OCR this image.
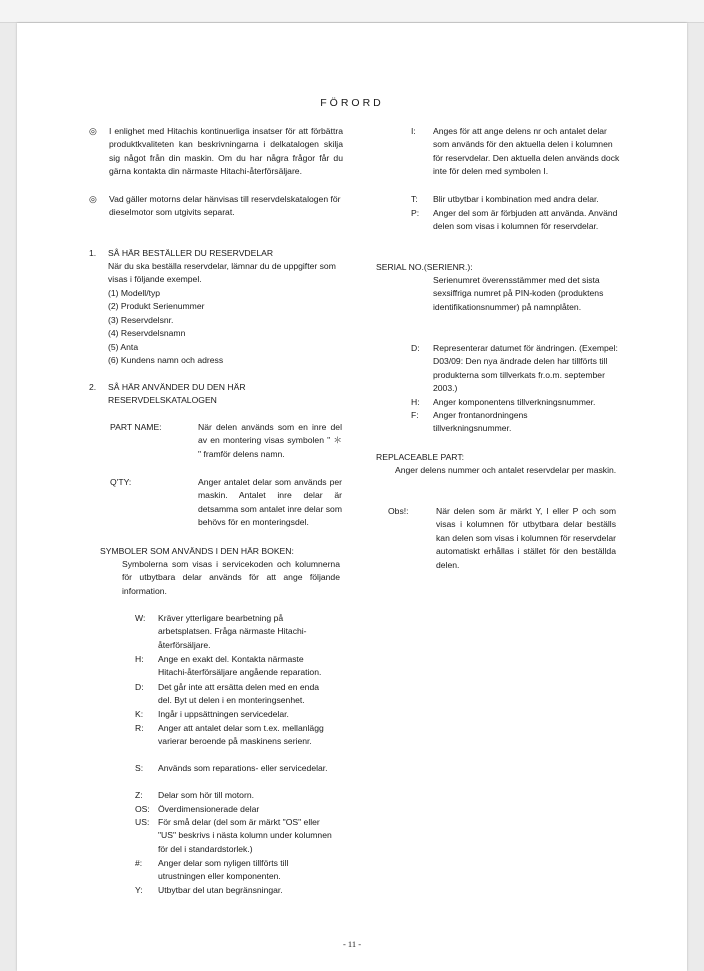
FÖRORD
◎ I enlighet med Hitachis kontinuerliga insatser för att förbättra produktkvaliteten kan beskrivningarna i delkatalogen skilja sig något från din maskin. Om du har några frågor får du gärna kontakta din närmaste Hitachi-återförsäljare.
◎ Vad gäller motorns delar hänvisas till reservdelskatalogen för dieselmotor som utgivits separat.
1. SÅ HÄR BESTÄLLER DU RESERVDELAR
När du ska beställa reservdelar, lämnar du de uppgifter som visas i följande exempel.
(1) Modell/typ
(2) Produkt Serienummer
(3) Reservdelsnr.
(4) Reservdelsnamn
(5) Anta
(6) Kundens namn och adress
2. SÅ HÄR ANVÄNDER DU DEN HÄR
RESERVDELSKATALOGEN
PART NAME:	När delen används som en inre del av en montering visas symbolen " ＊ " framför delens namn.
Q'TY:	Anger antalet delar som används per maskin. Antalet inre delar är detsamma som antalet inre delar som behövs för en monteringsdel.
SYMBOLER SOM ANVÄNDS I DEN HÄR BOKEN:
Symbolerna som visas i servicekoden och kolumnerna för utbytbara delar används för att ange följande information.
W: Kräver ytterligare bearbetning på arbetsplatsen. Fråga närmaste Hitachi-återförsäljare.
H: Ange en exakt del. Kontakta närmaste Hitachi-återförsäljare angående reparation.
D: Det går inte att ersätta delen med en enda del. Byt ut delen i en monteringsenhet.
K: Ingår i uppsättningen servicedelar.
R: Anger att antalet delar som t.ex. mellanlägg varierar beroende på maskinens serienr.
S: Används som reparations- eller servicedelar.
Z: Delar som hör till motorn.
OS: Överdimensionerade delar
US: För små delar (del som är märkt "OS" eller "US" beskrivs i nästa kolumn under kolumnen för del i standardstorlek.)
#: Anger delar som nyligen tillförts till utrustningen eller komponenten.
Y: Utbytbar del utan begränsningar.
I: Anges för att ange delens nr och antalet delar som används för den aktuella delen i kolumnen för reservdelar. Den aktuella delen används dock inte för delen med symbolen I.
T: Blir utbytbar i kombination med andra delar.
P: Anger del som är förbjuden att använda. Använd delen som visas i kolumnen för reservdelar.
SERIAL NO.(SERIENR.):
Serienumret överensstämmer med det sista sexsiffriga numret på PIN-koden (produktens identifikationsnummer) på namnplåten.
D: Representerar datumet för ändringen. (Exempel: D03/09: Den nya ändrade delen har tillförts till produkterna som tillverkats fr.o.m. september 2003.)
H: Anger komponentens tillverkningsnummer.
F: Anger frontanordningens tillverkningsnummer.
REPLACEABLE PART:
Anger delens nummer och antalet reservdelar per maskin.
Obs!:	När delen som är märkt Y, I eller P och som visas i kolumnen för utbytbara delar beställs kan delen som visas i kolumnen för reservdelar automatiskt erhållas i stället för den beställda delen.
- 11 -
